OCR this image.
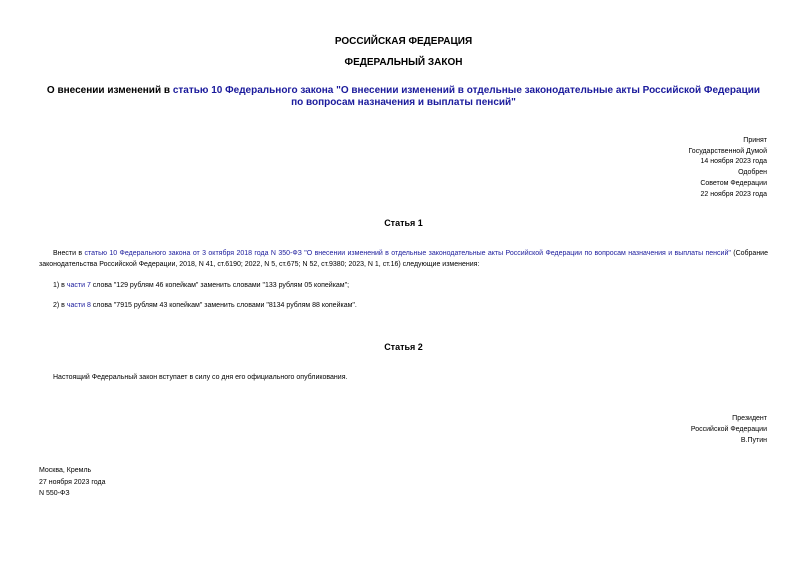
РОССИЙСКАЯ ФЕДЕРАЦИЯ
ФЕДЕРАЛЬНЫЙ ЗАКОН
О внесении изменений в статью 10 Федерального закона "О внесении изменений в отдельные законодательные акты Российской Федерации по вопросам назначения и выплаты пенсий"
Принят
Государственной Думой
14 ноября 2023 года
Одобрен
Советом Федерации
22 ноября 2023 года
Статья 1
Внести в статью 10 Федерального закона от 3 октября 2018 года N 350-ФЗ "О внесении изменений в отдельные законодательные акты Российской Федерации по вопросам назначения и выплаты пенсий" (Собрание законодательства Российской Федерации, 2018, N 41, ст.6190; 2022, N 5, ст.675; N 52, ст.9380; 2023, N 1, ст.16) следующие изменения:
1) в части 7 слова "129 рублям 46 копейкам" заменить словами "133 рублям 05 копейкам";
2) в части 8 слова "7915 рублям 43 копейкам" заменить словами "8134 рублям 88 копейкам".
Статья 2
Настоящий Федеральный закон вступает в силу со дня его официального опубликования.
Президент
Российской Федерации
В.Путин
Москва, Кремль
27 ноября 2023 года
N 550-ФЗ
